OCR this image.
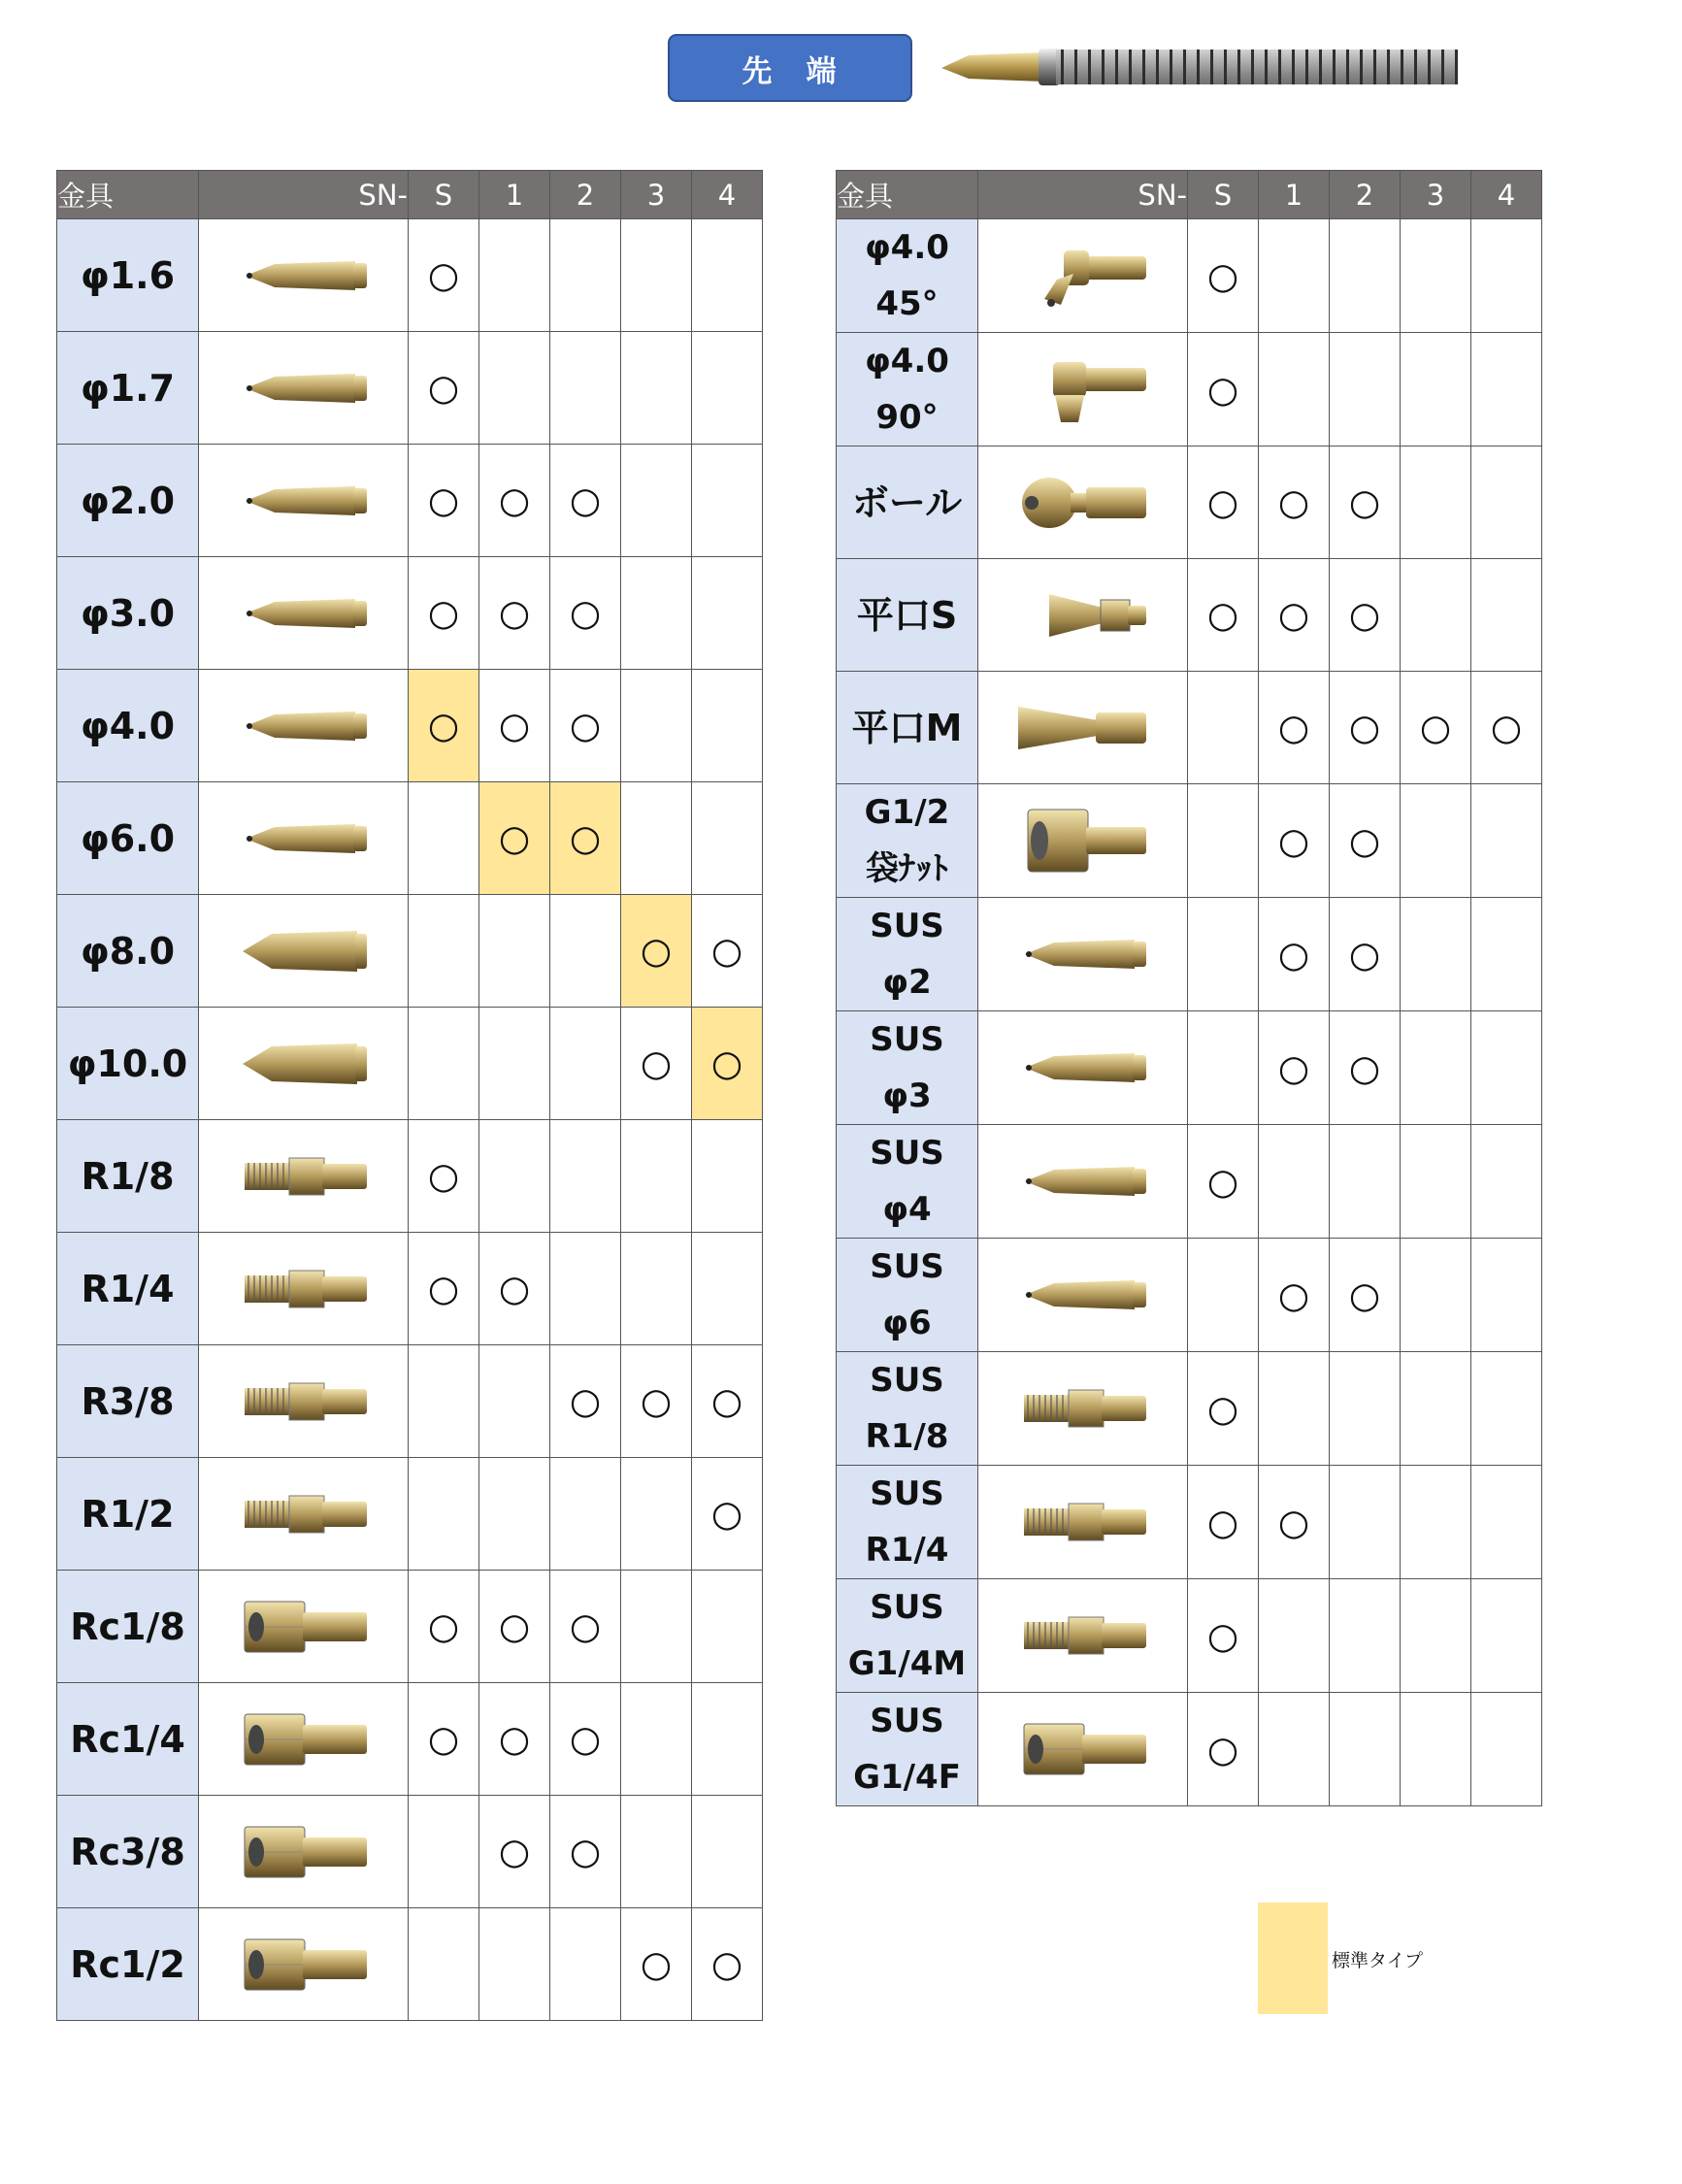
先　端
金具	SN-	S	1	2	3	4
φ1.6		○				
φ1.7		○				
φ2.0		○	○	○		
φ3.0		○	○	○		
φ4.0		○	○	○		
φ6.0			○	○		
φ8.0					○	○
φ10.0					○	○
R1/8		○				
R1/4		○	○			
R3/8				○	○	○
R1/2						○
Rc1/8		○	○	○		
Rc1/4		○	○	○		
Rc3/8			○	○		
Rc1/2					○	○
金具	SN-	S	1	2	3	4

φ4.0
45°		○				

φ4.0
90°		○				

ボール		○	○	○		

平口S		○	○	○		

平口M			○	○	○	○

G1/2
袋ﾅｯﾄ			○	○		

SUS
φ2			○	○		

SUS
φ3			○	○		

SUS
φ4		○				

SUS
φ6			○	○		

SUS
R1/8		○				

SUS
R1/4		○	○			

SUS
G1/4M		○				

SUS
G1/4F		○				
標準タイプ
